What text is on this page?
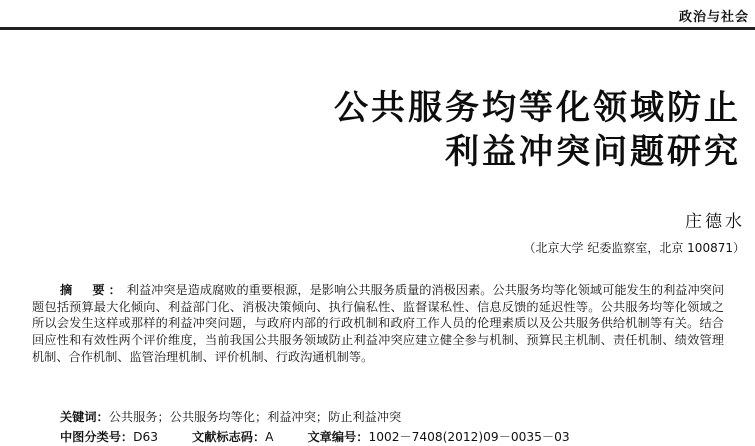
政治与社会
公共服务均等化领域防止
利益冲突问题研究
庄德水
（北京大学 纪委监察室，北京 100871）
摘　要： 利益冲突是造成腐败的重要根源，是影响公共服务质量的消极因素。公共服务均等化领域可能发生的利益冲突问题包括预算最大化倾向、利益部门化、消极决策倾向、执行偏私性、监督谋私性、信息反馈的延迟性等。公共服务均等化领域之所以会发生这样或那样的利益冲突问题，与政府内部的行政机制和政府工作人员的伦理素质以及公共服务供给机制等有关。结合回应性和有效性两个评价维度，当前我国公共服务领域防止利益冲突应建立健全参与机制、预算民主机制、责任机制、绩效管理机制、合作机制、监管治理机制、评价机制、行政沟通机制等。
关键词：公共服务；公共服务均等化；利益冲突；防止利益冲突
中图分类号：D63	文献标志码：A	文章编号：1002－7408(2012)09－0035－03
